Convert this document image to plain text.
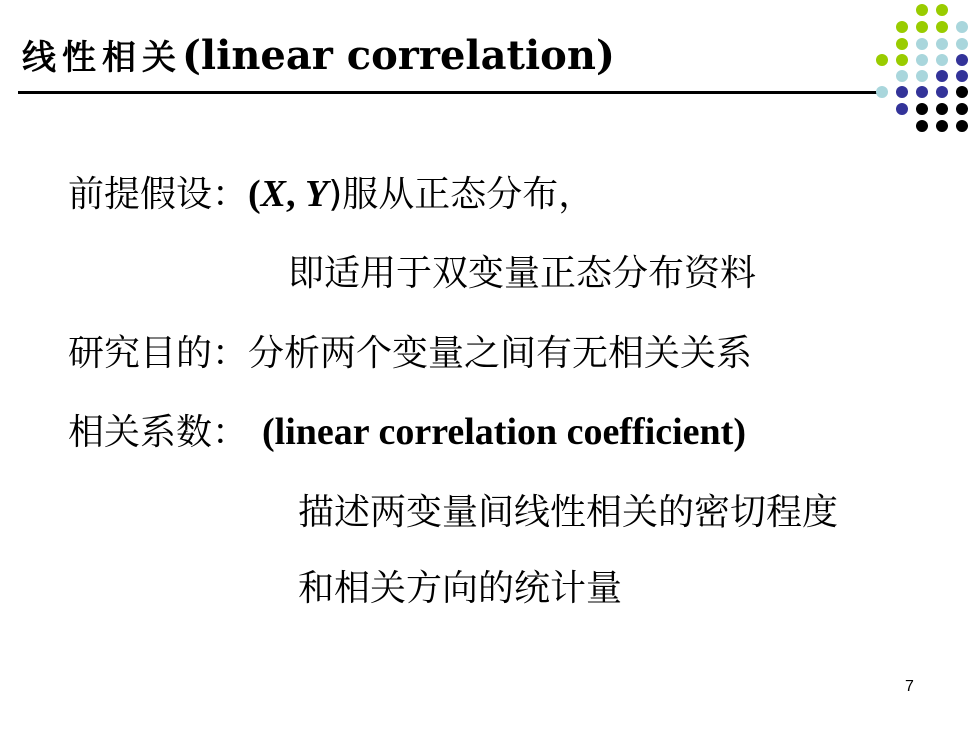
线性相关(linear correlation)
前提假设：(X, Y)服从正态分布，
即适用于双变量正态分布资料
研究目的：分析两个变量之间有无相关关系
相关系数： (linear correlation coefficient)
描述两变量间线性相关的密切程度
和相关方向的统计量
7
